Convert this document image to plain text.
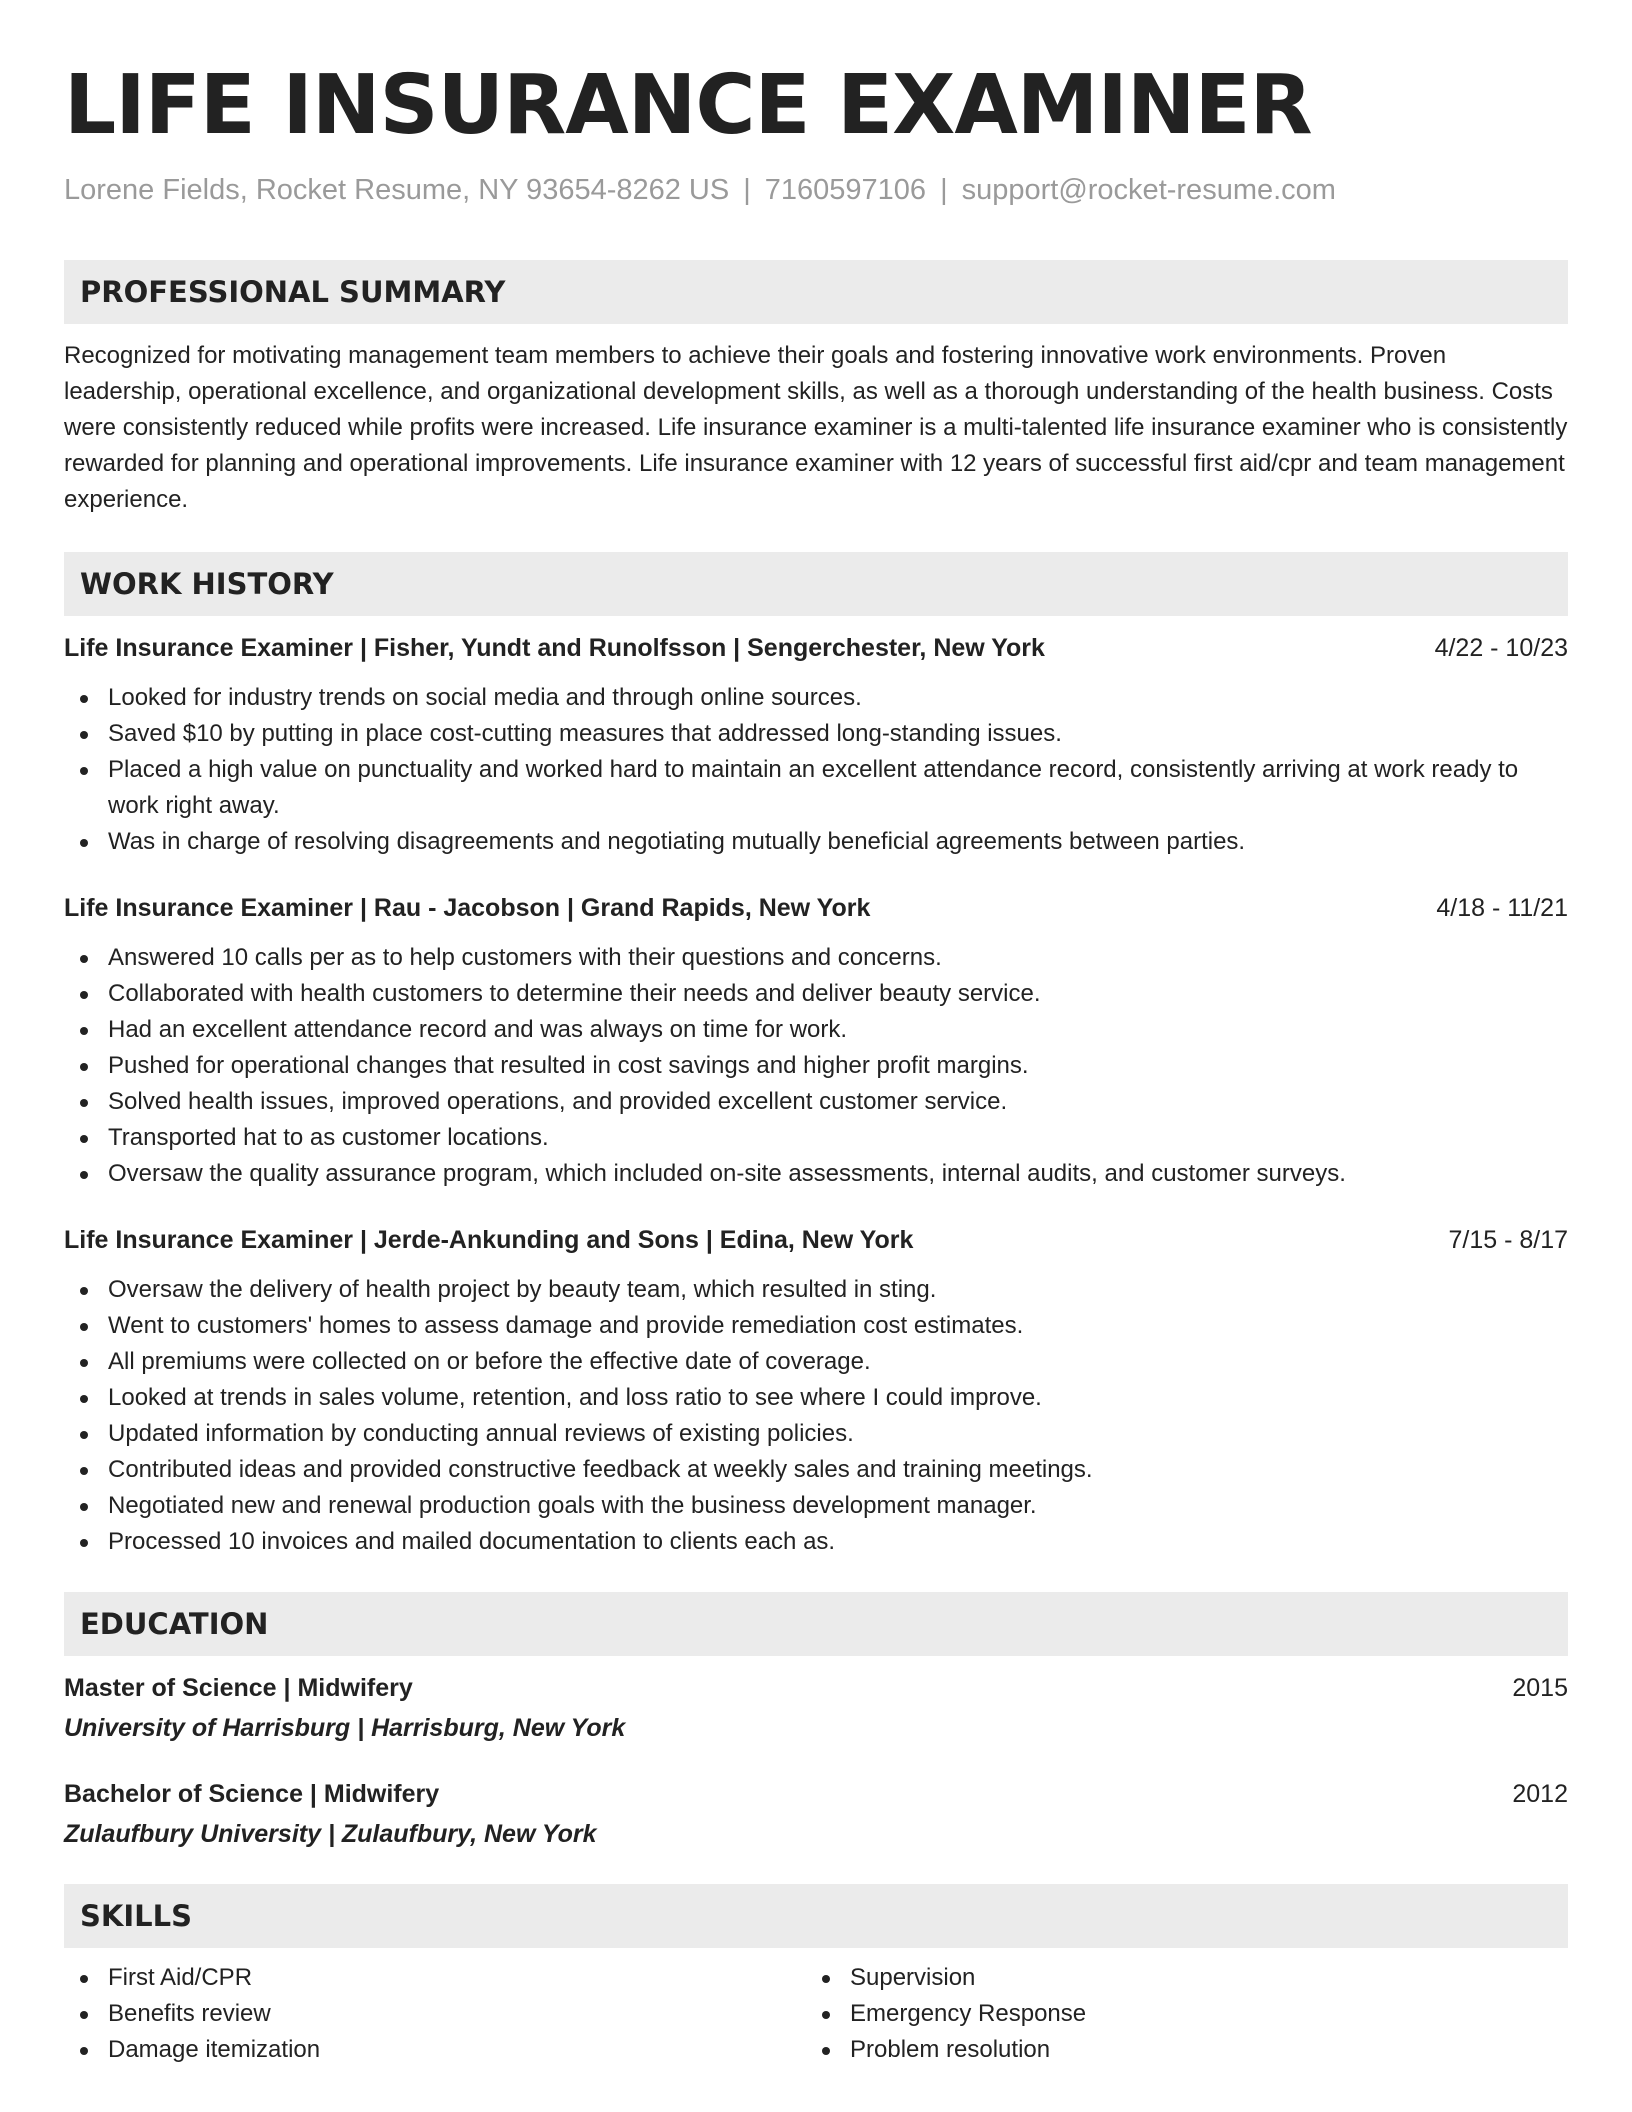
LIFE INSURANCE EXAMINER
Lorene Fields, Rocket Resume, NY 93654-8262 US | 7160597106 | support@rocket-resume.com
PROFESSIONAL SUMMARY

Recognized for motivating management team members to achieve their goals and fostering innovative work environments. Proven leadership, operational excellence, and organizational development skills, as well as a thorough understanding of the health business. Costs were consistently reduced while profits were increased. Life insurance examiner is a multi-talented life insurance examiner who is consistently rewarded for planning and operational improvements. Life insurance examiner with 12 years of successful first aid/cpr and team management experience.

WORK HISTORY
Life Insurance Examiner | Fisher, Yundt and Runolfsson | Sengerchester, New York	4/22 - 10/23
Looked for industry trends on social media and through online sources.
Saved $10 by putting in place cost-cutting measures that addressed long-standing issues.
Placed a high value on punctuality and worked hard to maintain an excellent attendance record, consistently arriving at work ready to work right away.
Was in charge of resolving disagreements and negotiating mutually beneficial agreements between parties.
Life Insurance Examiner | Rau - Jacobson | Grand Rapids, New York	4/18 - 11/21
Answered 10 calls per as to help customers with their questions and concerns.
Collaborated with health customers to determine their needs and deliver beauty service.
Had an excellent attendance record and was always on time for work.
Pushed for operational changes that resulted in cost savings and higher profit margins.
Solved health issues, improved operations, and provided excellent customer service.
Transported hat to as customer locations.
Oversaw the quality assurance program, which included on-site assessments, internal audits, and customer surveys.
Life Insurance Examiner | Jerde-Ankunding and Sons | Edina, New York	7/15 - 8/17
Oversaw the delivery of health project by beauty team, which resulted in sting.
Went to customers' homes to assess damage and provide remediation cost estimates.
All premiums were collected on or before the effective date of coverage.
Looked at trends in sales volume, retention, and loss ratio to see where I could improve.
Updated information by conducting annual reviews of existing policies.
Contributed ideas and provided constructive feedback at weekly sales and training meetings.
Negotiated new and renewal production goals with the business development manager.
Processed 10 invoices and mailed documentation to clients each as.
EDUCATION
Master of Science | Midwifery	2015
University of Harrisburg | Harrisburg, New York
Bachelor of Science | Midwifery	2012
Zulaufbury University | Zulaufbury, New York
SKILLS
First Aid/CPR
Benefits review
Damage itemization
Supervision
Emergency Response
Problem resolution
